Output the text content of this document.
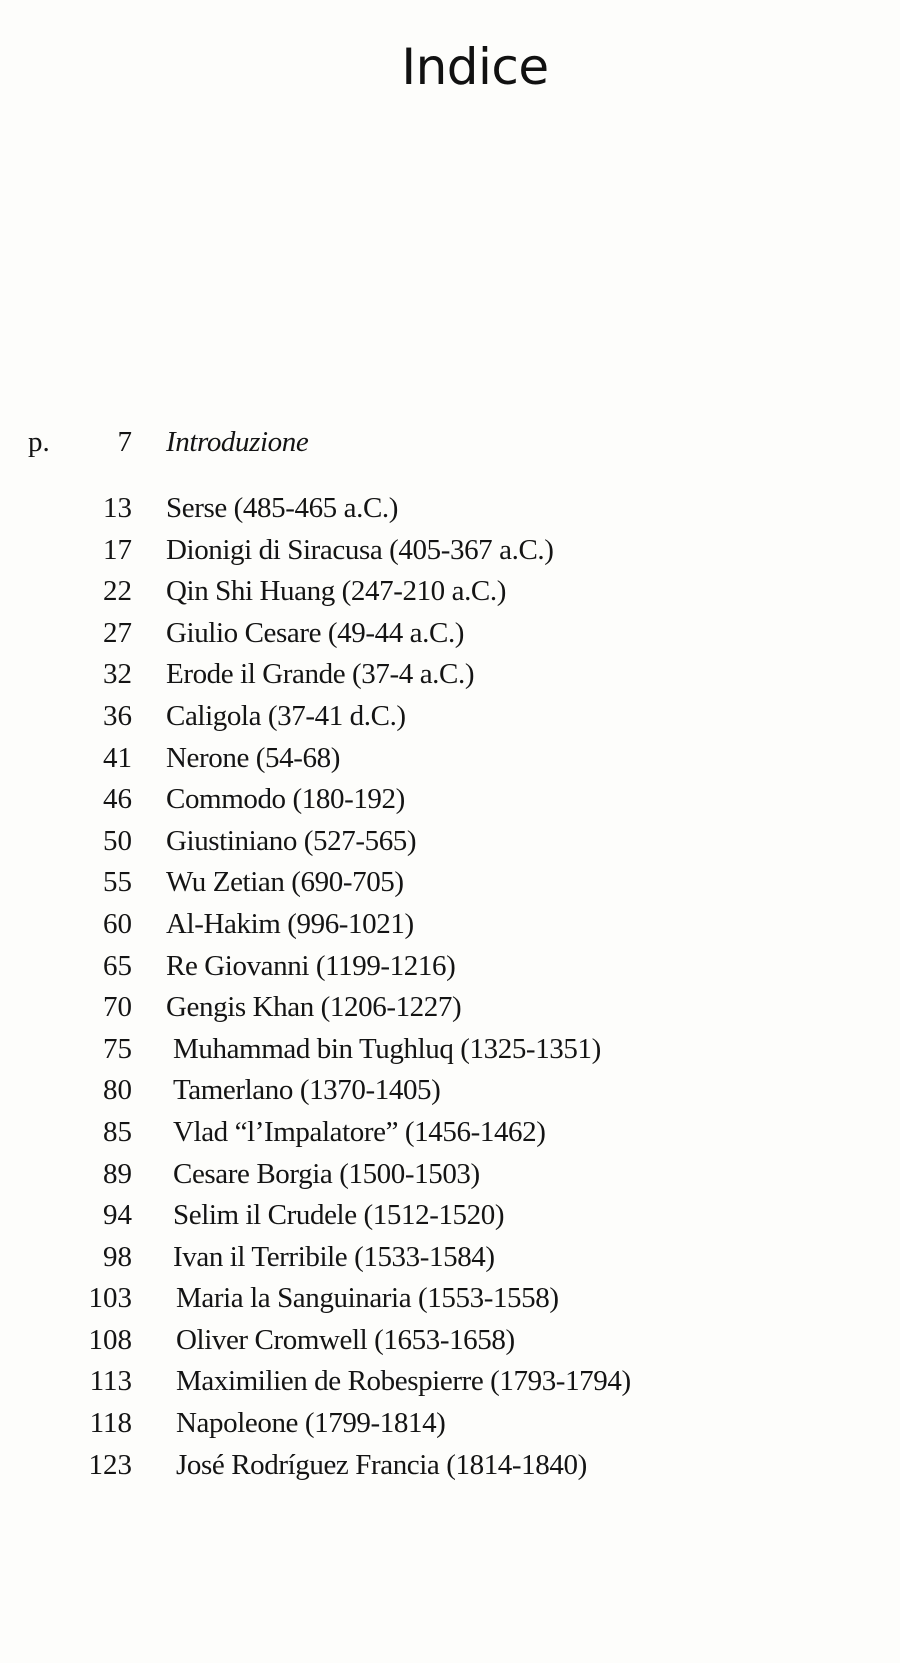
Indice
p.	7 Introduzione
13 Serse (485-465 a.C.)
17 Dionigi di Siracusa (405-367 a.C.)
22 Qin Shi Huang (247-210 a.C.)
27 Giulio Cesare (49-44 a.C.)
32 Erode il Grande (37-4 a.C.)
36 Caligola (37-41 d.C.)
41 Nerone (54-68)
46 Commodo (180-192)
50 Giustiniano (527-565)
55 Wu Zetian (690-705)
60 Al-Hakim (996-1021)
65 Re Giovanni (1199-1216)
70 Gengis Khan (1206-1227)
75 Muhammad bin Tughluq (1325-1351)
80 Tamerlano (1370-1405)
85 Vlad “l’Impalatore” (1456-1462)
89 Cesare Borgia (1500-1503)
94 Selim il Crudele (1512-1520)
98 Ivan il Terribile (1533-1584)
103 Maria la Sanguinaria (1553-1558)
108 Oliver Cromwell (1653-1658)
113 Maximilien de Robespierre (1793-1794)
118 Napoleone (1799-1814)
123 José Rodríguez Francia (1814-1840)
